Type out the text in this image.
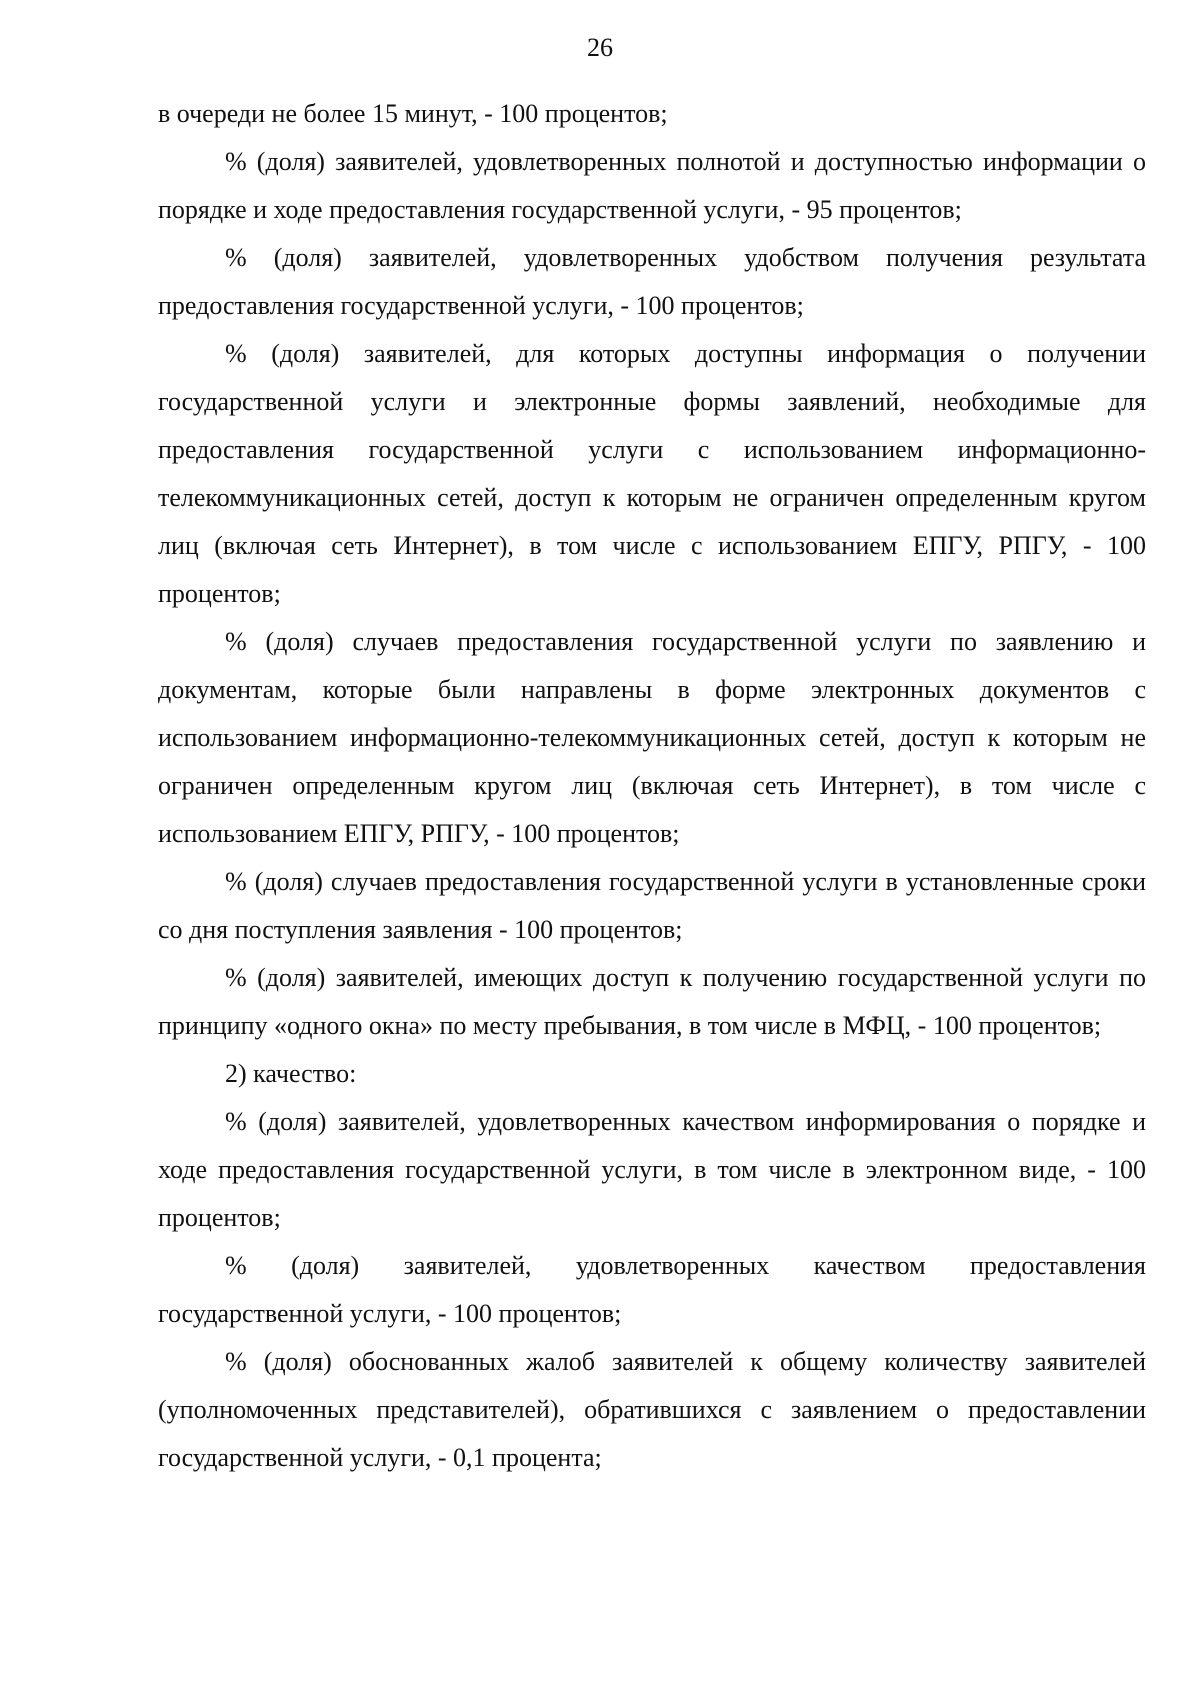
26

в очереди не более 15 минут, - 100 процентов;

% (доля) заявителей, удовлетворенных полнотой и доступностью информации о порядке и ходе предоставления государственной услуги, - 95 процентов;

% (доля) заявителей, удовлетворенных удобством получения результата предоставления государственной услуги, - 100 процентов;

% (доля) заявителей, для которых доступны информация о получении государственной услуги и электронные формы заявлений, необходимые для предоставления государственной услуги с использованием информационно-телекоммуникационных сетей, доступ к которым не ограничен определенным кругом лиц (включая сеть Интернет), в том числе с использованием ЕПГУ, РПГУ, - 100 процентов;

% (доля) случаев предоставления государственной услуги по заявлению и документам, которые были направлены в форме электронных документов с использованием информационно-телекоммуникационных сетей, доступ к которым не ограничен определенным кругом лиц (включая сеть Интернет), в том числе с использованием ЕПГУ, РПГУ, - 100 процентов;

% (доля) случаев предоставления государственной услуги в установленные сроки со дня поступления заявления - 100 процентов;

% (доля) заявителей, имеющих доступ к получению государственной услуги по принципу «одного окна» по месту пребывания, в том числе в МФЦ, - 100 процентов;

2) качество:

% (доля) заявителей, удовлетворенных качеством информирования о порядке и ходе предоставления государственной услуги, в том числе в электронном виде, - 100 процентов;

% (доля) заявителей, удовлетворенных качеством предоставления государственной услуги, - 100 процентов;

% (доля) обоснованных жалоб заявителей к общему количеству заявителей (уполномоченных представителей), обратившихся с заявлением о предоставлении государственной услуги, - 0,1 процента;
